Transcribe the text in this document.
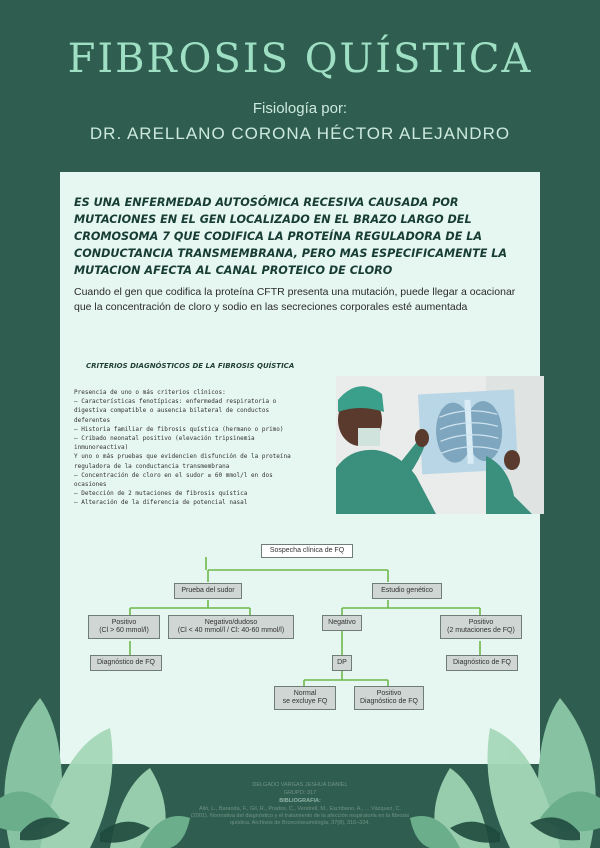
FIBROSIS QUÍSTICA
Fisiología por:
DR. ARELLANO CORONA HÉCTOR ALEJANDRO
ES UNA ENFERMEDAD AUTOSÓMICA RECESIVA CAUSADA POR MUTACIONES EN EL GEN LOCALIZADO EN EL BRAZO LARGO DEL CROMOSOMA 7 QUE CODIFICA LA PROTEÍNA REGULADORA DE LA CONDUCTANCIA TRANSMEMBRANA, PERO MAS ESPECIFICAMENTE LA MUTACION AFECTA AL CANAL PROTEICO DE CLORO
Cuando el gen que codifica la proteína CFTR presenta una mutación, puede llegar a ocacionar que la concentración de cloro y sodio en las secreciones corporales esté aumentada
CRITERIOS DIAGNÓSTICOS DE LA FIBROSIS QUÍSTICA
Presencia de uno o más criterios clínicos:
– Características fenotípicas: enfermedad respiratoria o digestiva compatible o ausencia bilateral de conductos deferentes
– Historia familiar de fibrosis quística (hermano o primo)
– Cribado neonatal positivo (elevación tripsinemia inmunoreactiva)
Y uno o más pruebas que evidencien disfunción de la proteína
reguladora de la conductancia transmembrana
– Concentración de cloro en el sudor ≥ 60 mmol/l en dos ocasiones
– Detección de 2 mutaciones de fibrosis quística
– Alteración de la diferencia de potencial nasal
Sospecha clínica de FQ
Prueba del sudor	Estudio genético
Positivo
(Cl > 60 mmol/l)
Negativo/dudoso
(Cl < 40 mmol/l / Cl: 40-60 mmol/l)
Negativo	Positivo
(2 mutaciones de FQ)
Diagnóstico de FQ	DP	Diagnóstico de FQ
Normal
se excluye FQ
Positivo
Diagnóstico de FQ
DELGADO VARGAS JESHUA DANIEL
GRUPO: 317
BIBLIOGRAFIA:
Alió, L., Baranda, F., Gil, R., Prados, C., Vendrell, M., Escribano, A., ... Vázquez, C. (2001). Normativa del diagnóstico y el tratamiento de la afección respiratoria en la fibrosis quística. Archivos de Bronconeumología, 37(8), 316–324.
